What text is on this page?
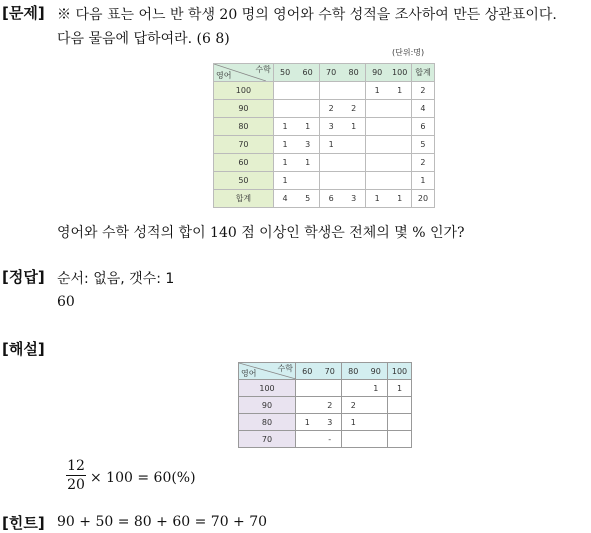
[문제] ※ 다음 표는 어느 반 학생 20 명의 영어와 수학 성적을 조사하여 만든 상관표이다.
다음 물음에 답하여라. (6 8)
(단위:명)
수학
영어	50	60	70	80	90	100	합계
100					1	1	2
90			2	2			4
80	1	1	3	1			6
70	1	3	1				5
60	1	1					2
50	1						1
합계	4	5	6	3	1	1	20
영어와 수학 성적의 합이 140 점 이상인 학생은 전체의 몇 % 인가?
[정답] 순서: 없음, 갯수: 1
60
[해설]
수학
영어	60	70	80	90	100
100				1	1
90		2	2		
80	1	3	1		
70		-			
12
20 × 100 = 60(%)
[힌트] 90 + 50 = 80 + 60 = 70 + 70
